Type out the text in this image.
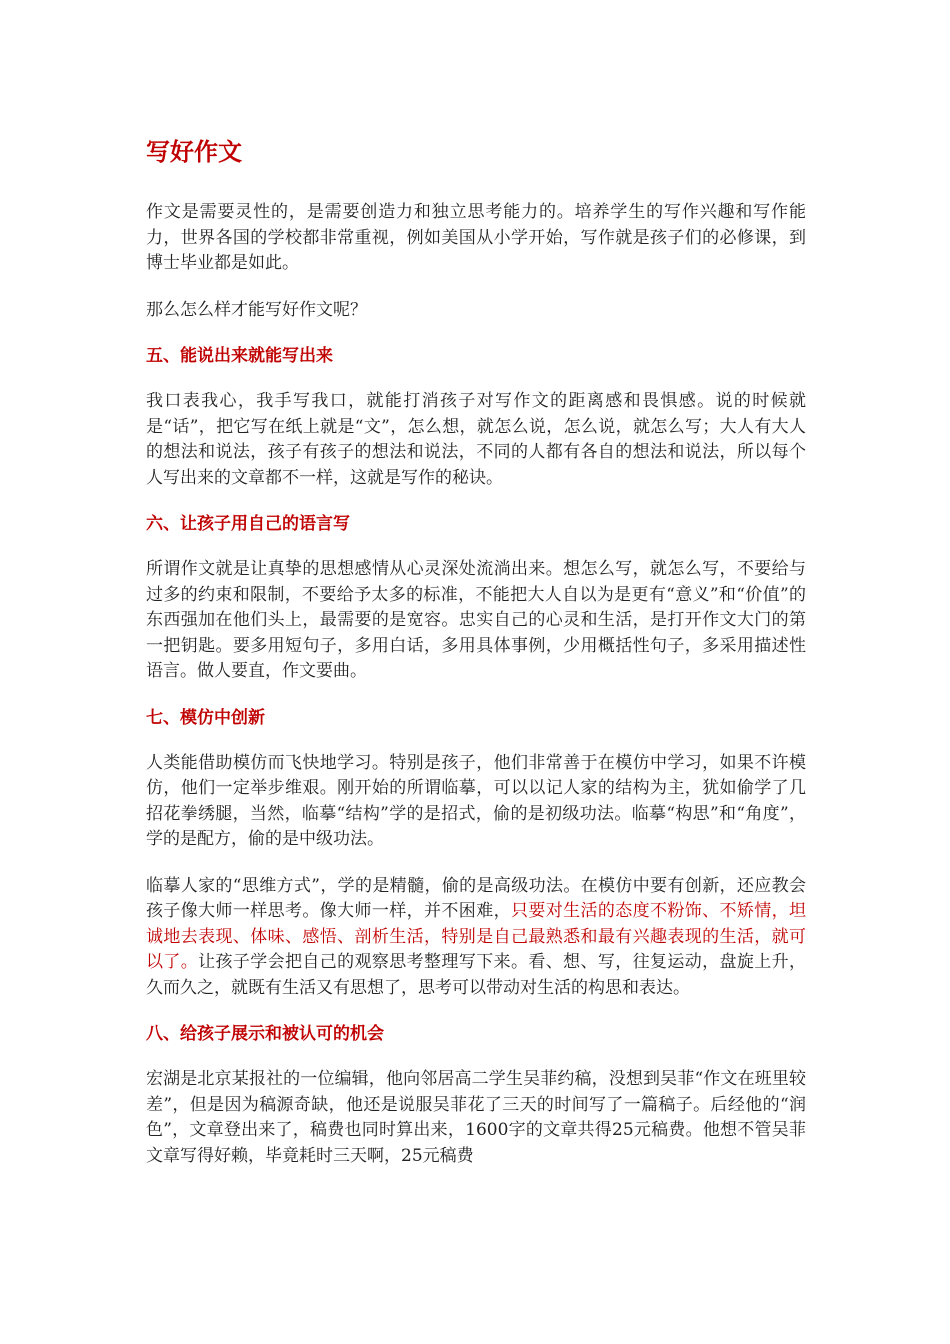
写好作文

作文是需要灵性的，是需要创造力和独立思考能力的。培养学生的写作兴趣和写作能力，世界各国的学校都非常重视，例如美国从小学开始，写作就是孩子们的必修课，到博士毕业都是如此。

那么怎么样才能写好作文呢？

五、能说出来就能写出来

我口表我心，我手写我口，就能打消孩子对写作文的距离感和畏惧感。说的时候就是“话”，把它写在纸上就是“文”，怎么想，就怎么说，怎么说，就怎么写；大人有大人的想法和说法，孩子有孩子的想法和说法，不同的人都有各自的想法和说法，所以每个人写出来的文章都不一样，这就是写作的秘诀。

六、让孩子用自己的语言写

所谓作文就是让真挚的思想感情从心灵深处流淌出来。想怎么写，就怎么写，不要给与过多的约束和限制，不要给予太多的标准，不能把大人自以为是更有“意义”和“价值”的东西强加在他们头上，最需要的是宽容。忠实自己的心灵和生活，是打开作文大门的第一把钥匙。要多用短句子，多用白话，多用具体事例，少用概括性句子，多采用描述性语言。做人要直，作文要曲。

七、模仿中创新

人类能借助模仿而飞快地学习。特别是孩子，他们非常善于在模仿中学习，如果不许模仿，他们一定举步维艰。刚开始的所谓临摹，可以以记人家的结构为主，犹如偷学了几招花拳绣腿，当然，临摹“结构”学的是招式，偷的是初级功法。临摹“构思”和“角度”，学的是配方，偷的是中级功法。

临摹人家的“思维方式”，学的是精髓，偷的是高级功法。在模仿中要有创新，还应教会孩子像大师一样思考。像大师一样，并不困难，只要对生活的态度不粉饰、不矫情，坦诚地去表现、体味、感悟、剖析生活，特别是自己最熟悉和最有兴趣表现的生活，就可以了。让孩子学会把自己的观察思考整理写下来。看、想、写，往复运动，盘旋上升，久而久之，就既有生活又有思想了，思考可以带动对生活的构思和表达。

八、给孩子展示和被认可的机会

宏湖是北京某报社的一位编辑，他向邻居高二学生吴菲约稿，没想到吴菲“作文在班里较差”，但是因为稿源奇缺，他还是说服吴菲花了三天的时间写了一篇稿子。后经他的“润色”，文章登出来了，稿费也同时算出来，1600字的文章共得25元稿费。他想不管吴菲文章写得好赖，毕竟耗时三天啊，25元稿费
